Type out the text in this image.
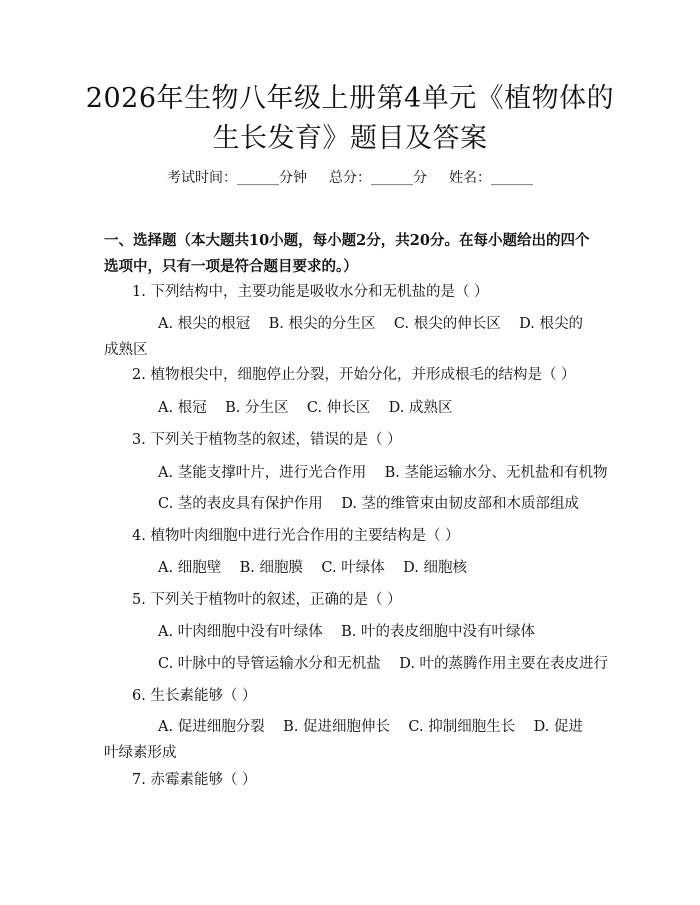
2026年生物八年级上册第4单元《植物体的
生长发育》题目及答案
考试时间：______分钟 总分：______分 姓名：______
一、选择题（本大题共10小题，每小题2分，共20分。在每小题给出的四个选项中，只有一项是符合题目要求的。）
1. 下列结构中，主要功能是吸收水分和无机盐的是（ ）
A. 根尖的根冠    B. 根尖的分生区    C. 根尖的伸长区    D. 根尖的成熟区
2. 植物根尖中，细胞停止分裂，开始分化，并形成根毛的结构是（ ）
A. 根冠    B. 分生区    C. 伸长区    D. 成熟区
3. 下列关于植物茎的叙述，错误的是（ ）
A. 茎能支撑叶片，进行光合作用    B. 茎能运输水分、无机盐和有机物
C. 茎的表皮具有保护作用    D. 茎的维管束由韧皮部和木质部组成
4. 植物叶肉细胞中进行光合作用的主要结构是（ ）
A. 细胞壁    B. 细胞膜    C. 叶绿体    D. 细胞核
5. 下列关于植物叶的叙述，正确的是（ ）
A. 叶肉细胞中没有叶绿体    B. 叶的表皮细胞中没有叶绿体
C. 叶脉中的导管运输水分和无机盐    D. 叶的蒸腾作用主要在表皮进行
6. 生长素能够（ ）
A. 促进细胞分裂    B. 促进细胞伸长    C. 抑制细胞生长    D. 促进叶绿素形成
7. 赤霉素能够（ ）
